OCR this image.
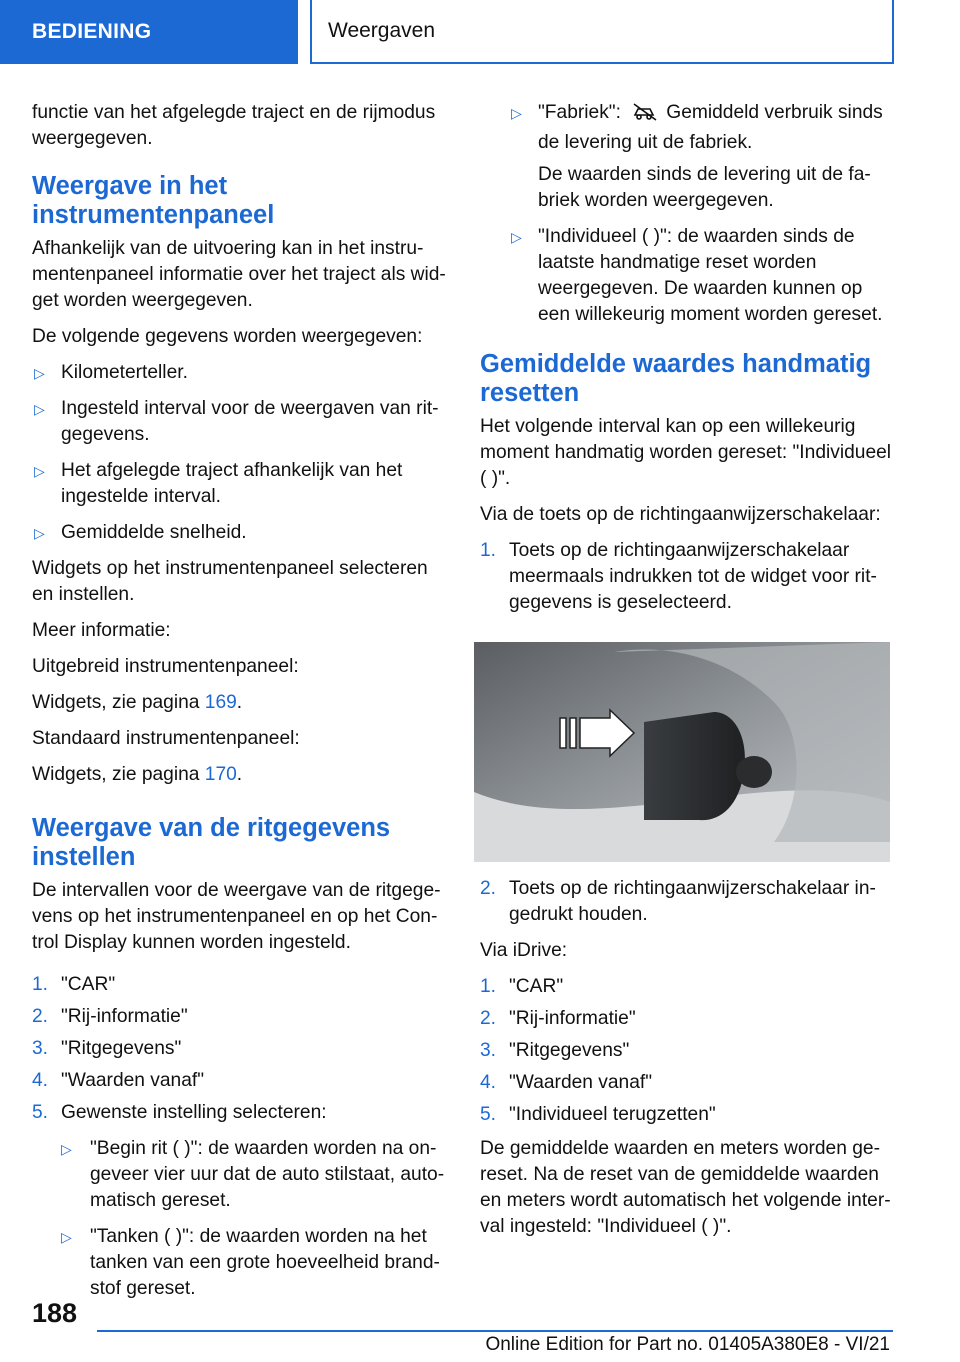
BEDIENING	Weergaven

functie van het afgelegde traject en de rijmodus weergegeven.

Weergave in het instrumentenpaneel

Afhankelijk van de uitvoering kan in het instrumentenpaneel informatie over het traject als widget worden weergegeven.

De volgende gegevens worden weergegeven:

▷ Kilometerteller.
▷ Ingesteld interval voor de weergaven van ritgegevens.
▷ Het afgelegde traject afhankelijk van het ingestelde interval.
▷ Gemiddelde snelheid.

Widgets op het instrumentenpaneel selecteren en instellen.

Meer informatie:

Uitgebreid instrumentenpaneel:

Widgets, zie pagina 169.

Standaard instrumentenpaneel:

Widgets, zie pagina 170.

Weergave van de ritgegevens instellen

De intervallen voor de weergave van de ritgegevens op het instrumentenpaneel en op het Control Display kunnen worden ingesteld.

1. "CAR"
2. "Rij-informatie"
3. "Ritgegevens"
4. "Waarden vanaf"
5. Gewenste instelling selecteren:
▷ "Begin rit ( )": de waarden worden na ongeveer vier uur dat de auto stilstaat, automatisch gereset.
▷ "Tanken ( )": de waarden worden na het tanken van een grote hoeveelheid brandstof gereset.
▷ "Fabriek": Gemiddeld verbruik sinds de levering uit de fabriek.

De waarden sinds de levering uit de fabriek worden weergegeven.

▷ "Individueel ( )": de waarden sinds de laatste handmatige reset worden weergegeven. De waarden kunnen op een willekeurig moment worden gereset.
Gemiddelde waardes handmatig resetten

Het volgende interval kan op een willekeurig moment handmatig worden gereset: "Individueel ( )".

Via de toets op de richtingaanwijzerschakelaar:

1. Toets op de richtingaanwijzerschakelaar meermaals indrukken tot de widget voor ritgegevens is geselecteerd.
2. Toets op de richtingaanwijzerschakelaar ingedrukt houden.

Via iDrive:

1. "CAR"
2. "Rij-informatie"
3. "Ritgegevens"
4. "Waarden vanaf"
5. "Individueel terugzetten"

De gemiddelde waarden en meters worden gereset. Na de reset van de gemiddelde waarden en meters wordt automatisch het volgende interval ingesteld: "Individueel ( )".

188
Online Edition for Part no. 01405A380E8 - VI/21
